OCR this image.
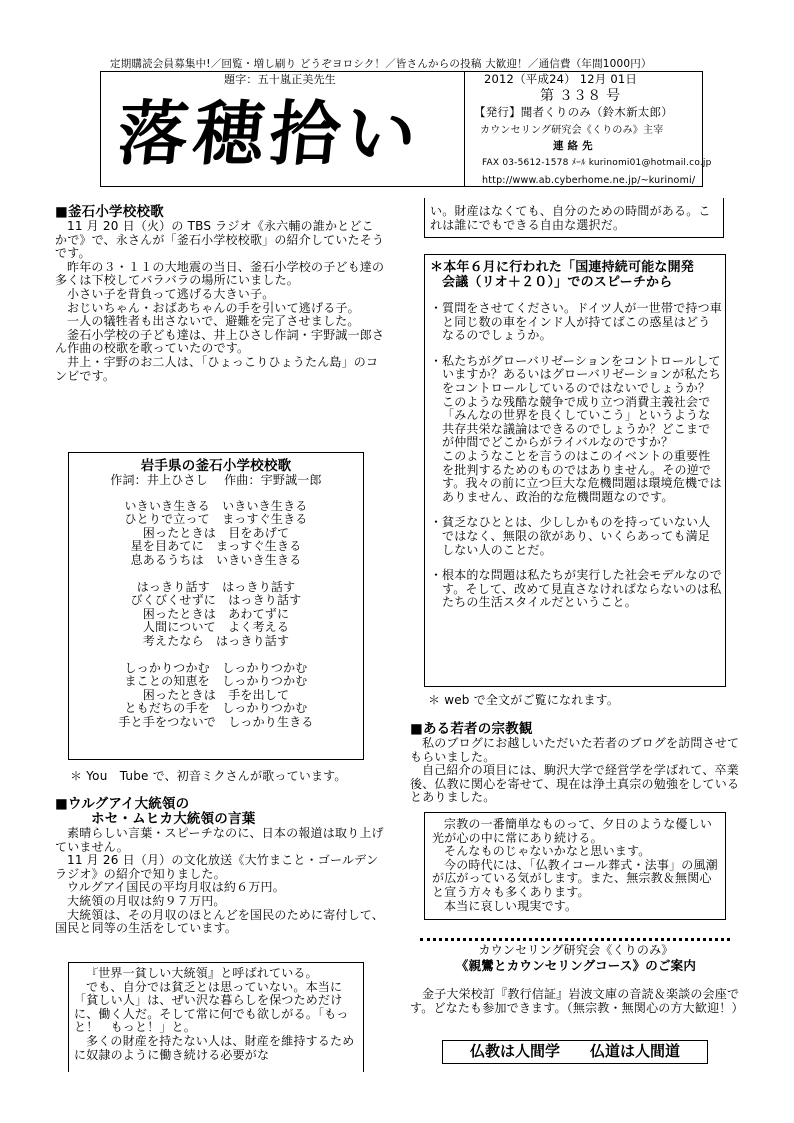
定期購読会員募集中!／回覧・増し刷り どうぞヨロシク！／皆さんからの投稿 大歓迎！／通信費（年間1000円）
題字：五十嵐正美先生
落穂拾い
2012（平成24） 12月 01日
第 ３３８ 号
【発行】聞者くりのみ（鈴木新太郎）
カウンセリング研究会《くりのみ》主宰
連 絡 先
FAX 03-5612-1578 ﾒｰﾙ kurinomi01@hotmail.co.jp
http://www.ab.cyberhome.ne.jp/~kurinomi/
■釜石小学校校歌

11 月 20 日（火）の TBS ラジオ《永六輔の誰かとどこかで》で、永さんが「釜石小学校校歌」の紹介していたそうです。

昨年の３・１１の大地震の当日、釜石小学校の子ども達の多くは下校してバラバラの場所にいました。

小さい子を背負って逃げる大きい子。

おじいちゃん・おばあちゃんの手を引いて逃げる子。

一人の犠牲者も出さないで、避難を完了させました。

釜石小学校の子ども達は、井上ひさし作詞・宇野誠一郎さん作曲の校歌を歌っていたのです。

井上・宇野のお二人は、「ひょっこりひょうたん島」のコンビです。

岩手県の釜石小学校校歌
作詞：井上ひさし　 作曲：宇野誠一郎
いきいき生きる　いきいき生きる
ひとりで立って　まっすぐ生きる
困ったときは　目をあげて
星を目あてに　まっすぐ生きる
息あるうちは　いきいき生きる
はっきり話す　はっきり話す
びくびくせずに　はっきり話す
困ったときは　あわてずに
人間について　よく考える
考えたなら　はっきり話す
しっかりつかむ　しっかりつかむ
まことの知恵を　しっかりつかむ
困ったときは　手を出して
ともだちの手を　しっかりつかむ
手と手をつないで　しっかり生きる
＊ You　Tube で、初音ミクさんが歌っています。
■ウルグアイ大統領の
ホセ・ムヒカ大統領の言葉

素晴らしい言葉・スピーチなのに、日本の報道は取り上げていません。

11 月 26 日（月）の文化放送《大竹まこと・ゴールデンラジオ》の紹介で知りました。

ウルグアイ国民の平均月収は約６万円。

大統領の月収は約９７万円。

大統領は、その月収のほとんどを国民のために寄付して、国民と同等の生活をしています。

『世界一貧しい大統領』と呼ばれている。

でも、自分では貧乏とは思っていない。本当に「貧しい人」は、ぜい沢な暮らしを保つためだけに、働く人だ。そして常に何でも欲しがる。「もっと！　もっと！」と。

多くの財産を持たない人は、財産を維持するために奴隷のように働き続ける必要がな

い。財産はなくても、自分のための時間がある。これは誰にでもできる自由な選択だ。
＊本年６月に行われた「国連持続可能な開発
会議（リオ＋２０）」でのスピーチから
・ 質問をさせてください。ドイツ人が一世帯で持つ車と同じ数の車をインド人が持てばこの惑星はどうなるのでしょうか。

・ 私たちがグローバリゼーションをコントロールしていますか？あるいはグローバリゼーションが私たちをコントロールしているのではないでしょうか？

このような残酷な競争で成り立つ消費主義社会で「みんなの世界を良くしていこう」というような共存共栄な議論はできるのでしょうか？どこまでが仲間でどこからがライバルなのですか？

このようなことを言うのはこのイベントの重要性を批判するためのものではありません。その逆です。我々の前に立つ巨大な危機問題は環境危機ではありません、政治的な危機問題なのです。

・ 貧乏なひととは、少ししかものを持っていない人ではなく、無限の欲があり、いくらあっても満足しない人のことだ。

・ 根本的な問題は私たちが実行した社会モデルなのです。そして、改めて見直さなければならないのは私たちの生活スタイルだということ。

＊ web で全文がご覧になれます。
■ある若者の宗教観

私のブログにお越しいただいた若者のブログを訪問させてもらいました。

自己紹介の項目には、駒沢大学で経営学を学ばれて、卒業後、仏教に関心を寄せて、現在は浄土真宗の勉強をしているとありました。

宗教の一番簡単なものって、夕日のような優しい光が心の中に常にあり続ける。

そんなものじゃないかなと思います。

今の時代には、「仏教イコール葬式・法事」の風潮が広がっている気がします。また、無宗教＆無関心と宣う方々も多くあります。

本当に哀しい現実です。

カウンセリング研究会《くりのみ》
《親鸞とカウンセリングコース》のご案内

金子大栄校訂『教行信証』岩波文庫の音読＆楽談の会座です。どなたも参加できます。（無宗教・無関心の方大歓迎！）

仏教は人間学　　仏道は人間道
